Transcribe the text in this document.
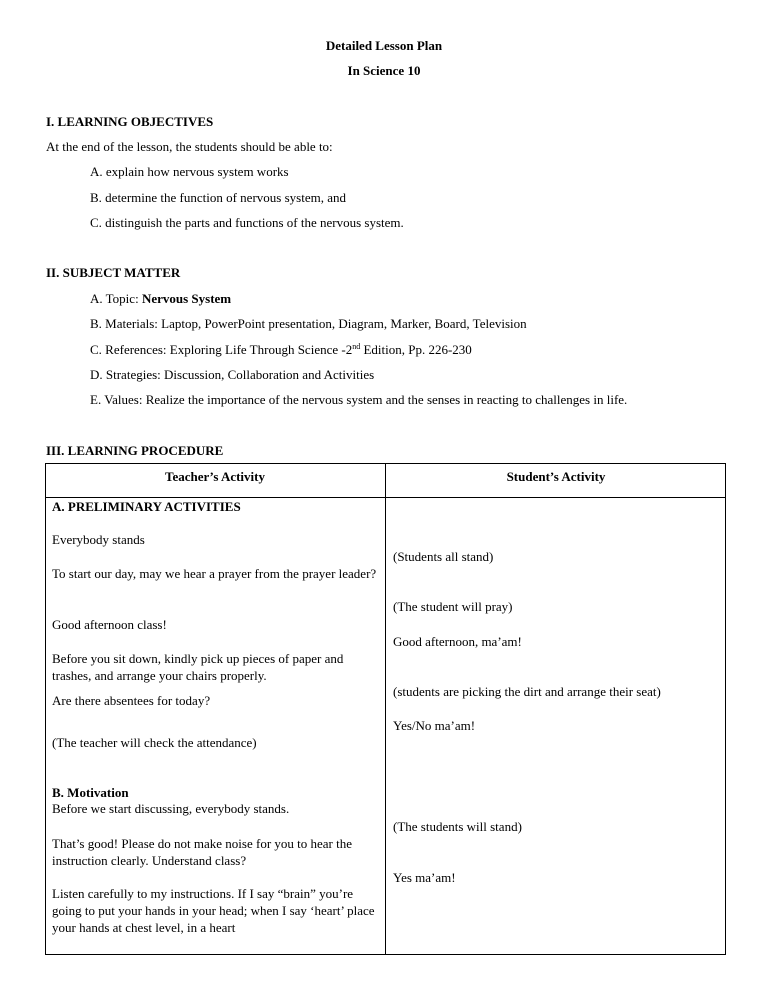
Detailed Lesson Plan
In Science 10
I. LEARNING OBJECTIVES
At the end of the lesson, the students should be able to:
A. explain how nervous system works
B. determine the function of nervous system, and
C. distinguish the parts and functions of the nervous system.
II. SUBJECT MATTER
A. Topic: Nervous System
B. Materials: Laptop, PowerPoint presentation, Diagram, Marker, Board, Television
C. References: Exploring Life Through Science -2nd Edition, Pp. 226-230
D. Strategies: Discussion, Collaboration and Activities
E. Values: Realize the importance of the nervous system and the senses in reacting to challenges in life.
III. LEARNING PROCEDURE
Teacher’s Activity	Student’s Activity
A. PRELIMINARY ACTIVITIES
Everybody stands
To start our day, may we hear a prayer from the prayer leader?
Good afternoon class!
Before you sit down, kindly pick up pieces of paper and trashes, and arrange your chairs properly.
Are there absentees for today?
(The teacher will check the attendance)
B. Motivation
Before we start discussing, everybody stands.
That’s good! Please do not make noise for you to hear the instruction clearly. Understand class?
Listen carefully to my instructions. If I say “brain” you’re going to put your hands in your head; when I say ‘heart’ place your hands at chest level, in a heart
(Students all stand)
(The student will pray)
Good afternoon, ma’am!
(students are picking the dirt and arrange their seat)
Yes/No ma’am!
(The students will stand)
Yes ma’am!
